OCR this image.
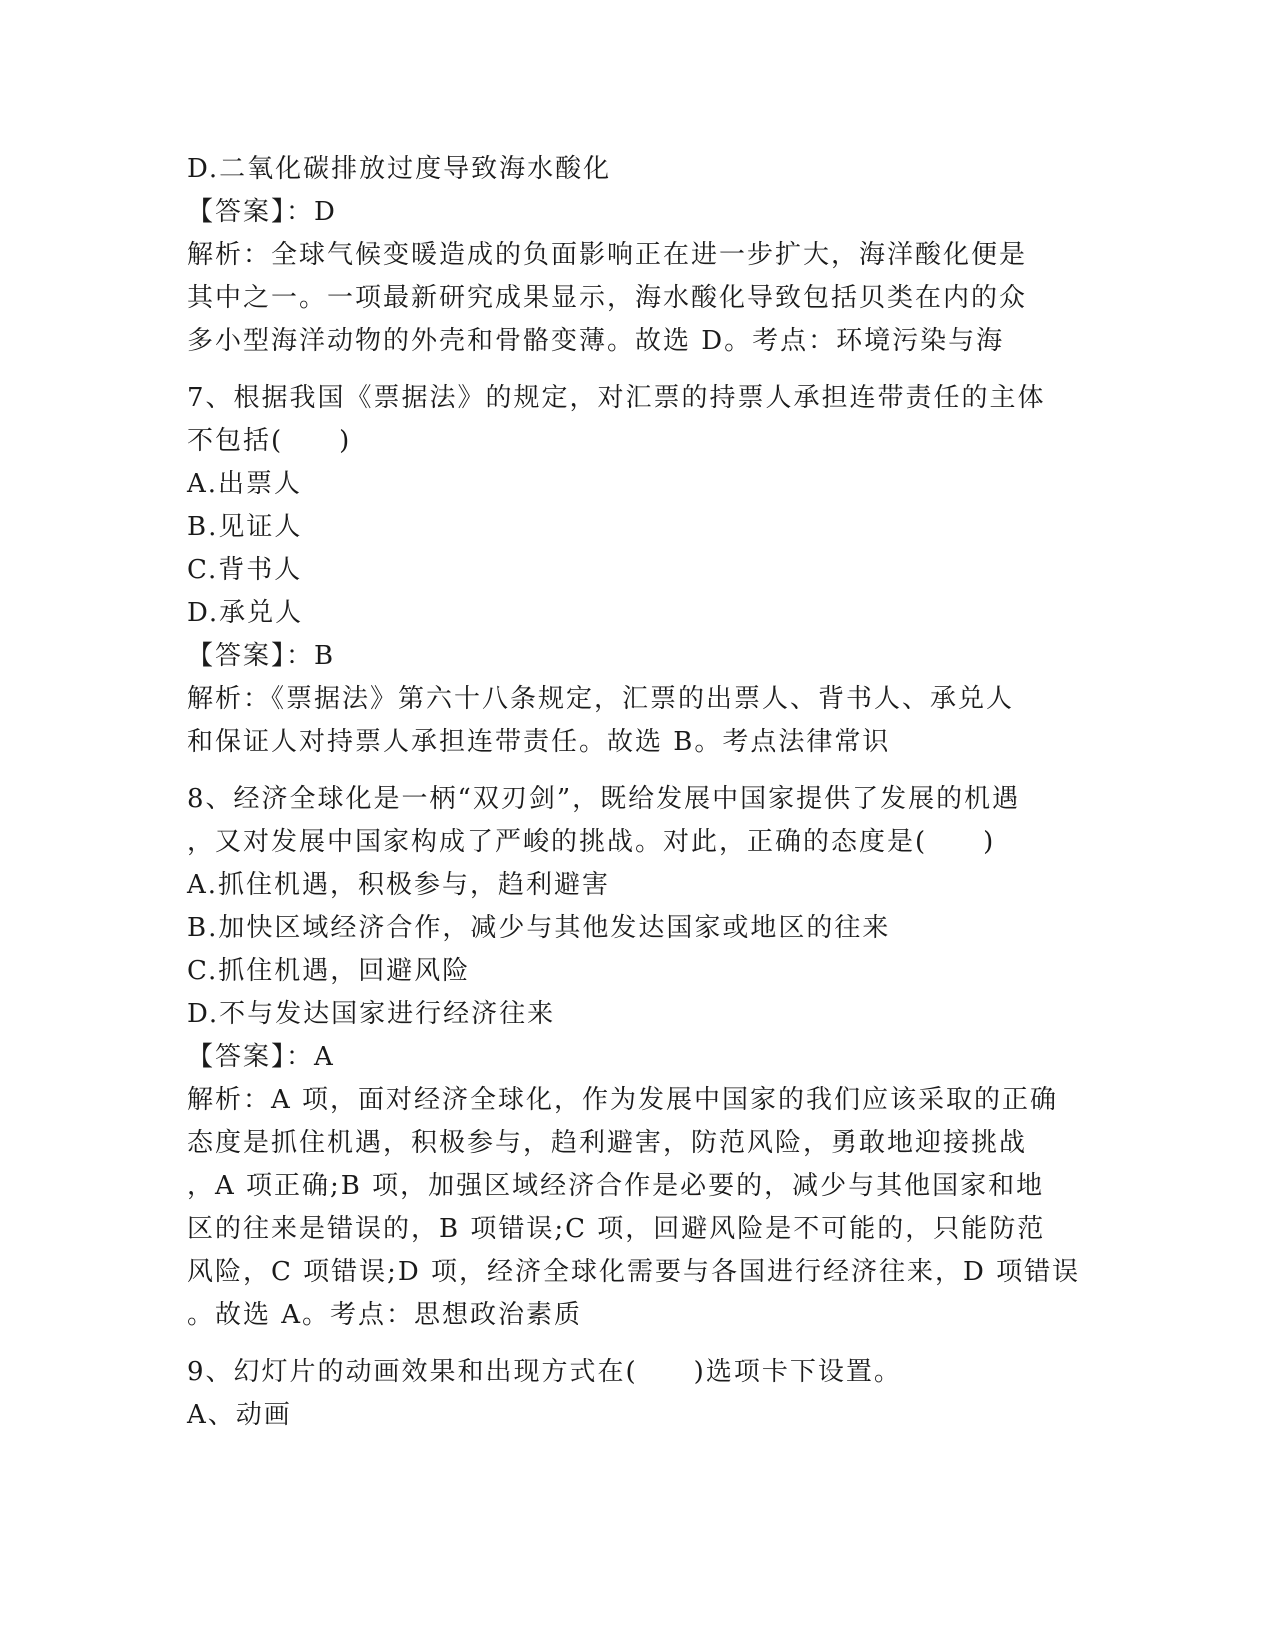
D.二氧化碳排放过度导致海水酸化
【答案】：D
解析：全球气候变暖造成的负面影响正在进一步扩大，海洋酸化便是
其中之一。一项最新研究成果显示，海水酸化导致包括贝类在内的众
多小型海洋动物的外壳和骨骼变薄。故选 D。考点：环境污染与海
7、根据我国《票据法》的规定，对汇票的持票人承担连带责任的主体
不包括(　　)
A.出票人
B.见证人
C.背书人
D.承兑人
【答案】：B
解析：《票据法》第六十八条规定，汇票的出票人、背书人、承兑人
和保证人对持票人承担连带责任。故选 B。考点法律常识
8、经济全球化是一柄“双刃剑”，既给发展中国家提供了发展的机遇
，又对发展中国家构成了严峻的挑战。对此，正确的态度是(　　)
A.抓住机遇，积极参与，趋利避害
B.加快区域经济合作，减少与其他发达国家或地区的往来
C.抓住机遇，回避风险
D.不与发达国家进行经济往来
【答案】：A
解析：A 项，面对经济全球化，作为发展中国家的我们应该采取的正确
态度是抓住机遇，积极参与，趋利避害，防范风险，勇敢地迎接挑战
，A 项正确;B 项，加强区域经济合作是必要的，减少与其他国家和地
区的往来是错误的，B 项错误;C 项，回避风险是不可能的，只能防范
风险，C 项错误;D 项，经济全球化需要与各国进行经济往来，D 项错误
。故选 A。考点：思想政治素质
9、幻灯片的动画效果和出现方式在(　　)选项卡下设置。
A、动画
